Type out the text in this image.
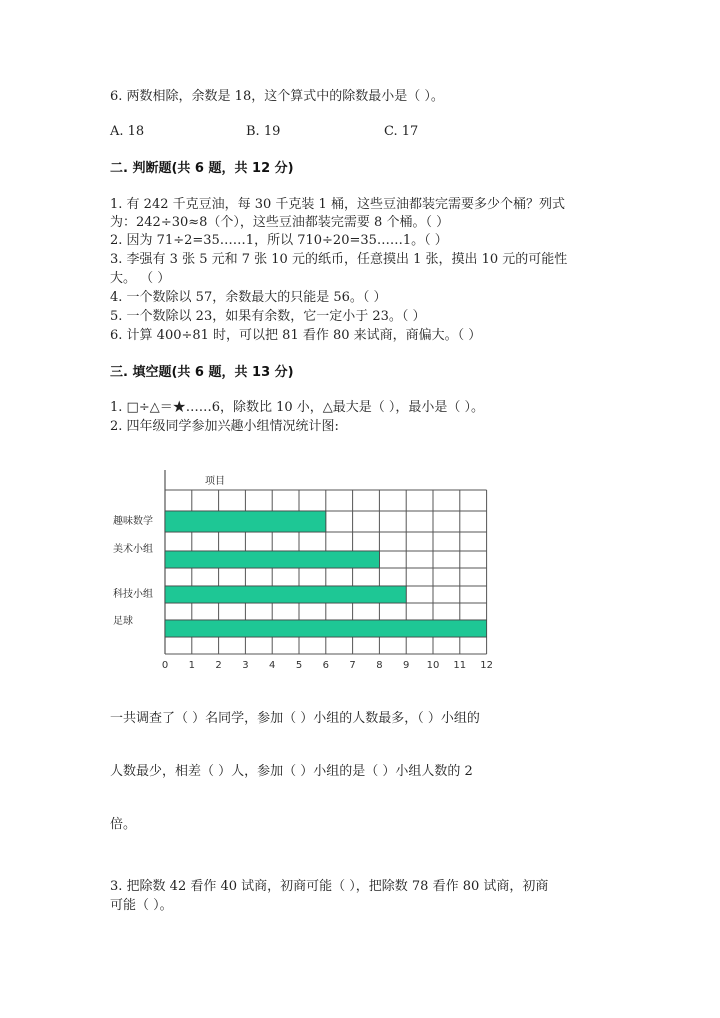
6. 两数相除，余数是 18，这个算式中的除数最小是（ ）。
A. 18	B. 19	C. 17
二. 判断题(共 6 题，共 12 分)
1. 有 242 千克豆油，每 30 千克装 1 桶，这些豆油都装完需要多少个桶？列式
为：242÷30≈8（个），这些豆油都装完需要 8 个桶。（ ）
2. 因为 71÷2=35……1，所以 710÷20=35……1。（ ）
3. 李强有 3 张 5 元和 7 张 10 元的纸币，任意摸出 1 张，摸出 10 元的可能性
大。 （ ）
4. 一个数除以 57，余数最大的只能是 56。（ ）
5. 一个数除以 23，如果有余数，它一定小于 23。（ ）
6. 计算 400÷81 时，可以把 81 看作 80 来试商，商偏大。（ ）
三. 填空题(共 6 题，共 13 分)
1. □÷△＝★……6，除数比 10 小，△最大是（ ），最小是（ ）。
2. 四年级同学参加兴趣小组情况统计图:
项目
趣味数学
美术小组
科技小组
足球
0 1 2 3 4 5 6 7 8 9 10 11 12
一共调查了（ ）名同学，参加（ ）小组的人数最多，（ ）小组的
人数最少，相差（ ）人，参加（ ）小组的是（ ）小组人数的 2
倍。
3. 把除数 42 看作 40 试商，初商可能（ ），把除数 78 看作 80 试商，初商
可能（ ）。
